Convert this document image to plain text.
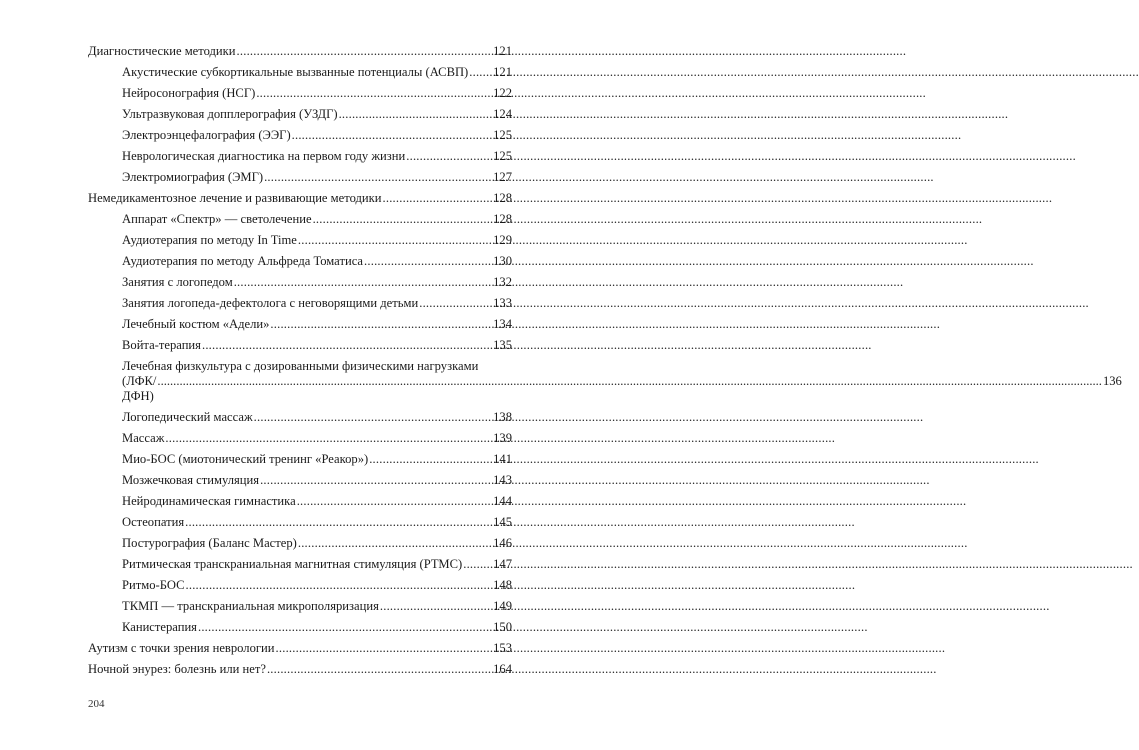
Диагностические методики .....	121
Акустические субкортикальные вызванные потенциалы (АСВП) ..... 121
Нейросонография (НСГ) .....	122
Ультразвуковая допплерография (УЗДГ) .....	124
Электроэнцефалография (ЭЭГ) .....	125
Неврологическая диагностика на первом году жизни .....	125
Электромиография (ЭМГ) .....	127
Немедикаментозное лечение и развивающие методики .....	128
Аппарат «Спектр» — светолечение .....	128
Аудиотерапия по методу In Time .....	129
Аудиотерапия по методу Альфреда Томатиса .....	130
Занятия с логопедом .....	132
Занятия логопеда-дефектолога с неговорящими детьми .....	133
Лечебный костюм «Адели» .....	134
Войта-терапия .....	135
Лечебная физкультура с дозированными физическими нагрузками
(ЛФК/ДФН)
............................................................................................................................................................................................................................................................................................................ 136
Логопедический массаж .....	138
Массаж .....	139
Мио-БОС (миотонический тренинг «Реакор») .....	141
Мозжечковая стимуляция .....	143
Нейродинамическая гимнастика .....	144
Остеопатия .....	145
Постурография (Баланс Мастер) .....	146
Ритмическая транскраниальная магнитная стимуляция (РТМС) ..... 147
Ритмо-БОС .....	148
ТКМП — транскраниальная микрополяризация .....	149
Канистерапия .....	150
Аутизм с точки зрения неврологии .....	153
Ночной энурез: болезнь или нет? .....	164
204
